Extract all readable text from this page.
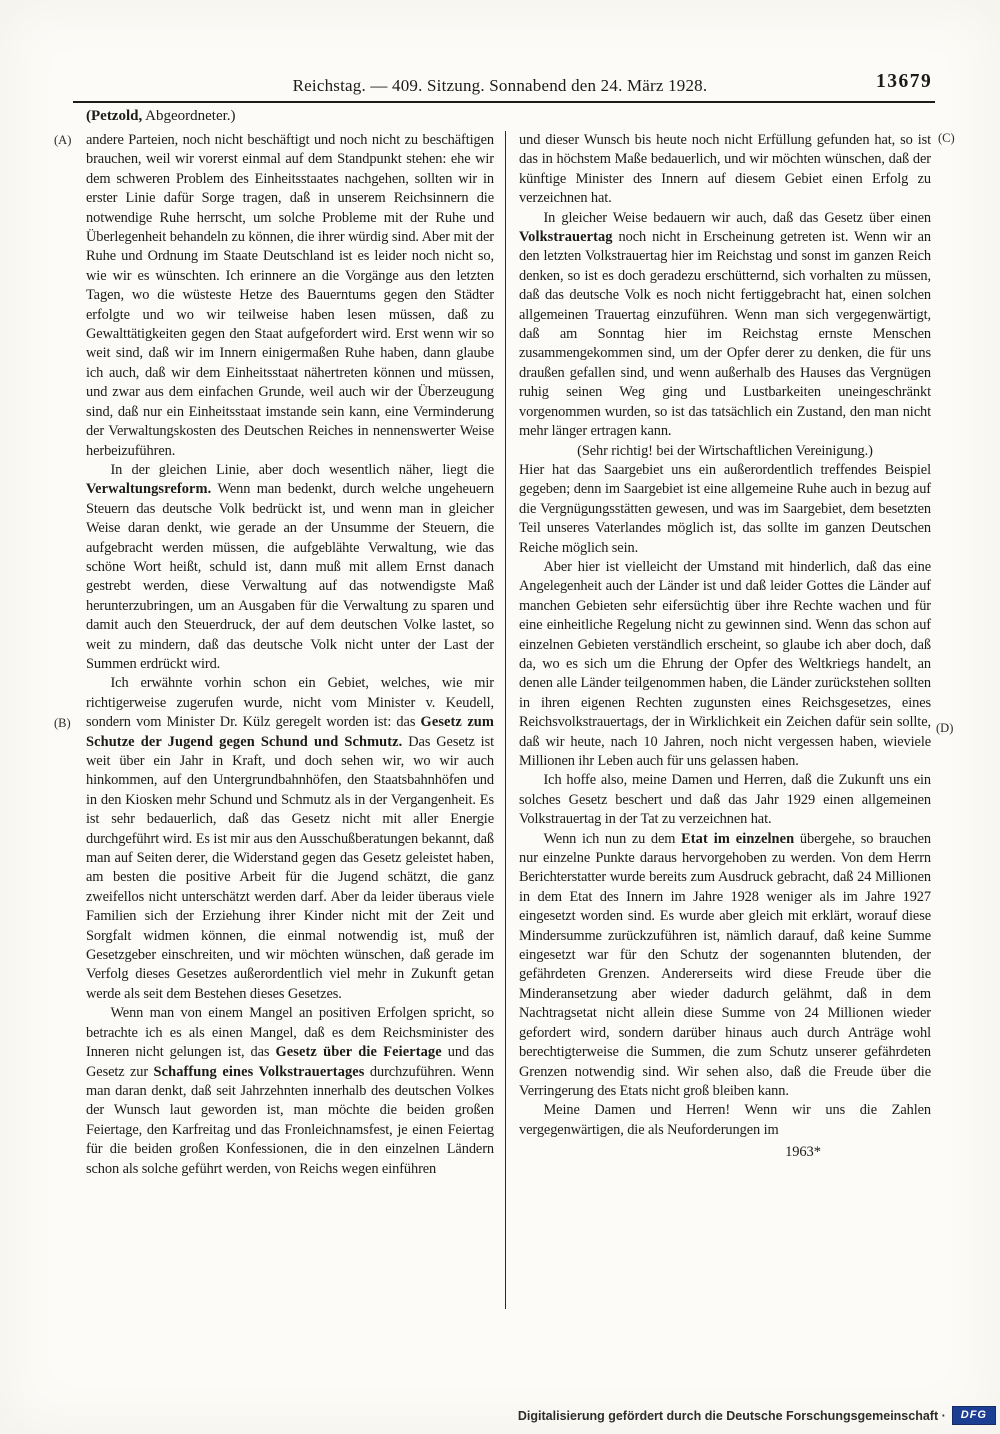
Reichstag. — 409. Sitzung. Sonnabend den 24. März 1928.	13679
(Petzold, Abgeordneter.)
(A)
(B)
(C)
(D)

andere Parteien, noch nicht beschäftigt und noch nicht zu beschäftigen brauchen, weil wir vorerst einmal auf dem Standpunkt stehen: ehe wir dem schweren Problem des Einheitsstaates nachgehen, sollten wir in erster Linie dafür Sorge tragen, daß in unserem Reichsinnern die notwendige Ruhe herrscht, um solche Probleme mit der Ruhe und Überlegenheit behandeln zu können, die ihrer würdig sind. Aber mit der Ruhe und Ordnung im Staate Deutschland ist es leider noch nicht so, wie wir es wünschten. Ich erinnere an die Vorgänge aus den letzten Tagen, wo die wüsteste Hetze des Bauerntums gegen den Städter erfolgte und wo wir teilweise haben lesen müssen, daß zu Gewalttätigkeiten gegen den Staat aufgefordert wird. Erst wenn wir so weit sind, daß wir im Innern einigermaßen Ruhe haben, dann glaube ich auch, daß wir dem Einheitsstaat nähertreten können und müssen, und zwar aus dem einfachen Grunde, weil auch wir der Überzeugung sind, daß nur ein Einheitsstaat imstande sein kann, eine Verminderung der Verwaltungskosten des Deutschen Reiches in nennenswerter Weise herbeizuführen.

In der gleichen Linie, aber doch wesentlich näher, liegt die Verwaltungsreform. Wenn man bedenkt, durch welche ungeheuern Steuern das deutsche Volk bedrückt ist, und wenn man in gleicher Weise daran denkt, wie gerade an der Unsumme der Steuern, die aufgebracht werden müssen, die aufgeblähte Verwaltung, wie das schöne Wort heißt, schuld ist, dann muß mit allem Ernst danach gestrebt werden, diese Verwaltung auf das notwendigste Maß herunterzubringen, um an Ausgaben für die Verwaltung zu sparen und damit auch den Steuerdruck, der auf dem deutschen Volke lastet, so weit zu mindern, daß das deutsche Volk nicht unter der Last der Summen erdrückt wird.

Ich erwähnte vorhin schon ein Gebiet, welches, wie mir richtigerweise zugerufen wurde, nicht vom Minister v. Keudell, sondern vom Minister Dr. Külz geregelt worden ist: das Gesetz zum Schutze der Jugend gegen Schund und Schmutz. Das Gesetz ist weit über ein Jahr in Kraft, und doch sehen wir, wo wir auch hinkommen, auf den Untergrundbahnhöfen, den Staatsbahnhöfen und in den Kiosken mehr Schund und Schmutz als in der Vergangenheit. Es ist sehr bedauerlich, daß das Gesetz nicht mit aller Energie durchgeführt wird. Es ist mir aus den Ausschußberatungen bekannt, daß man auf Seiten derer, die Widerstand gegen das Gesetz geleistet haben, am besten die positive Arbeit für die Jugend schätzt, die ganz zweifellos nicht unterschätzt werden darf. Aber da leider überaus viele Familien sich der Erziehung ihrer Kinder nicht mit der Zeit und Sorgfalt widmen können, die einmal notwendig ist, muß der Gesetzgeber einschreiten, und wir möchten wünschen, daß gerade im Verfolg dieses Gesetzes außerordentlich viel mehr in Zukunft getan werde als seit dem Bestehen dieses Gesetzes.

Wenn man von einem Mangel an positiven Erfolgen spricht, so betrachte ich es als einen Mangel, daß es dem Reichsminister des Inneren nicht gelungen ist, das Gesetz über die Feiertage und das Gesetz zur Schaffung eines Volkstrauertages durchzuführen. Wenn man daran denkt, daß seit Jahrzehnten innerhalb des deutschen Volkes der Wunsch laut geworden ist, man möchte die beiden großen Feiertage, den Karfreitag und das Fronleichnamsfest, je einen Feiertag für die beiden großen Konfessionen, die in den einzelnen Ländern schon als solche geführt werden, von Reichs wegen einführen

und dieser Wunsch bis heute noch nicht Erfüllung gefunden hat, so ist das in höchstem Maße bedauerlich, und wir möchten wünschen, daß der künftige Minister des Innern auf diesem Gebiet einen Erfolg zu verzeichnen hat.

In gleicher Weise bedauern wir auch, daß das Gesetz über einen Volkstrauertag noch nicht in Erscheinung getreten ist. Wenn wir an den letzten Volkstrauertag hier im Reichstag und sonst im ganzen Reich denken, so ist es doch geradezu erschütternd, sich vorhalten zu müssen, daß das deutsche Volk es noch nicht fertiggebracht hat, einen solchen allgemeinen Trauertag einzuführen. Wenn man sich vergegenwärtigt, daß am Sonntag hier im Reichstag ernste Menschen zusammengekommen sind, um der Opfer derer zu denken, die für uns draußen gefallen sind, und wenn außerhalb des Hauses das Vergnügen ruhig seinen Weg ging und Lustbarkeiten uneingeschränkt vorgenommen wurden, so ist das tatsächlich ein Zustand, den man nicht mehr länger ertragen kann.

(Sehr richtig! bei der Wirtschaftlichen Vereinigung.)

Hier hat das Saargebiet uns ein außerordentlich treffendes Beispiel gegeben; denn im Saargebiet ist eine allgemeine Ruhe auch in bezug auf die Vergnügungsstätten gewesen, und was im Saargebiet, dem besetzten Teil unseres Vaterlandes möglich ist, das sollte im ganzen Deutschen Reiche möglich sein.

Aber hier ist vielleicht der Umstand mit hinderlich, daß das eine Angelegenheit auch der Länder ist und daß leider Gottes die Länder auf manchen Gebieten sehr eifersüchtig über ihre Rechte wachen und für eine einheitliche Regelung nicht zu gewinnen sind. Wenn das schon auf einzelnen Gebieten verständlich erscheint, so glaube ich aber doch, daß da, wo es sich um die Ehrung der Opfer des Weltkriegs handelt, an denen alle Länder teilgenommen haben, die Länder zurückstehen sollten in ihren eigenen Rechten zugunsten eines Reichsgesetzes, eines Reichsvolkstrauertags, der in Wirklichkeit ein Zeichen dafür sein sollte, daß wir heute, nach 10 Jahren, noch nicht vergessen haben, wieviele Millionen ihr Leben auch für uns gelassen haben.

Ich hoffe also, meine Damen und Herren, daß die Zukunft uns ein solches Gesetz beschert und daß das Jahr 1929 einen allgemeinen Volkstrauertag in der Tat zu verzeichnen hat.

Wenn ich nun zu dem Etat im einzelnen übergehe, so brauchen nur einzelne Punkte daraus hervorgehoben zu werden. Von dem Herrn Berichterstatter wurde bereits zum Ausdruck gebracht, daß 24 Millionen in dem Etat des Innern im Jahre 1928 weniger als im Jahre 1927 eingesetzt worden sind. Es wurde aber gleich mit erklärt, worauf diese Mindersumme zurückzuführen ist, nämlich darauf, daß keine Summe eingesetzt war für den Schutz der sogenannten blutenden, der gefährdeten Grenzen. Andererseits wird diese Freude über die Minderansetzung aber wieder dadurch gelähmt, daß in dem Nachtragsetat nicht allein diese Summe von 24 Millionen wieder gefordert wird, sondern darüber hinaus auch durch Anträge wohl berechtigterweise die Summen, die zum Schutz unserer gefährdeten Grenzen notwendig sind. Wir sehen also, daß die Freude über die Verringerung des Etats nicht groß bleiben kann.

Meine Damen und Herren! Wenn wir uns die Zahlen vergegenwärtigen, die als Neuforderungen im

1963*
Digitalisierung gefördert durch die Deutsche Forschungsgemeinschaft ·	DFG
